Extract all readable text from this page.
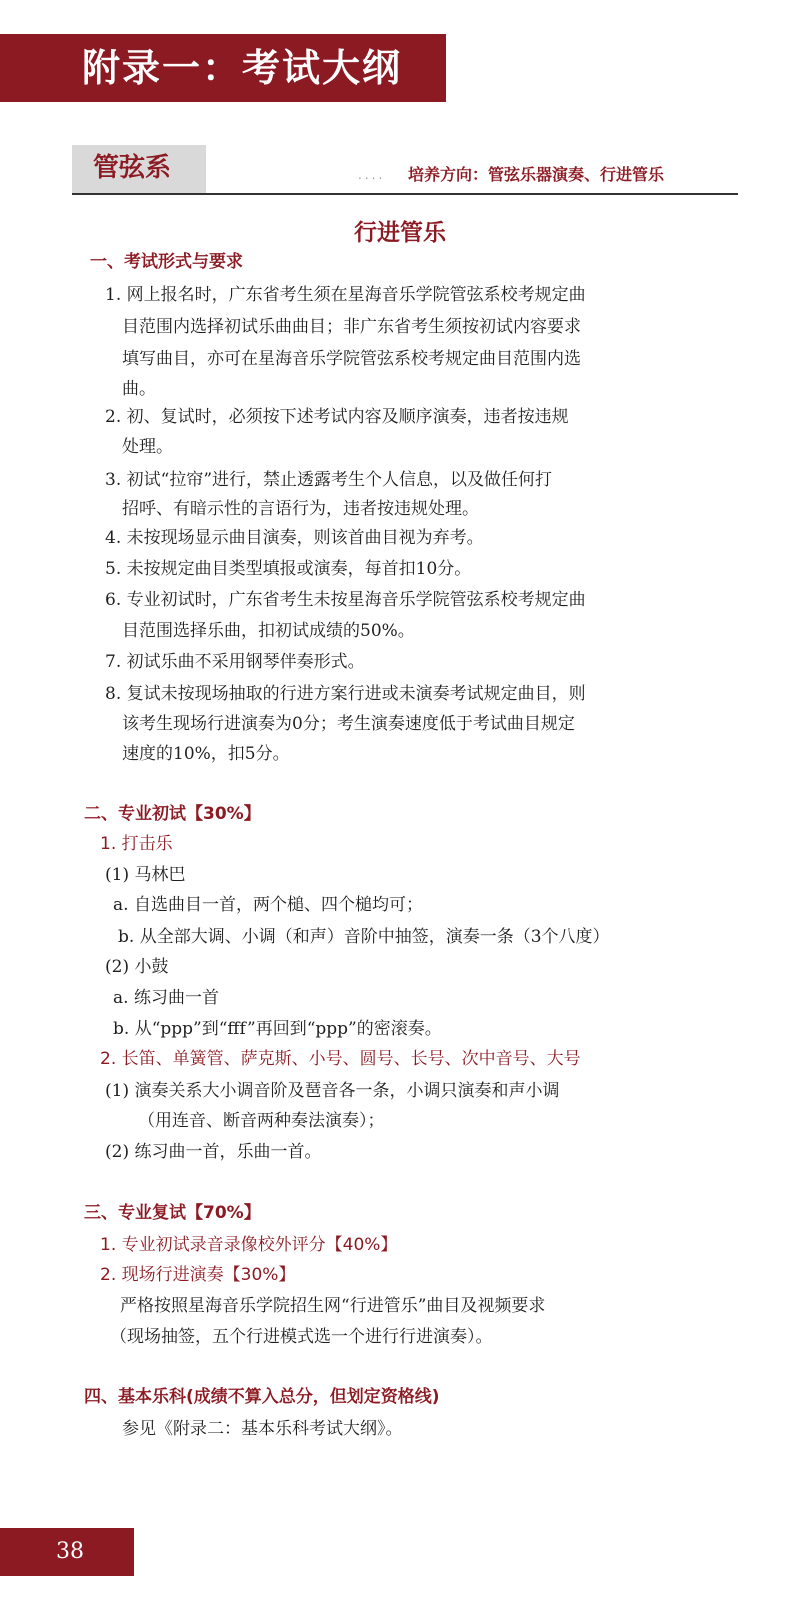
附录一：考试大纲
管弦系	.... 培养方向：管弦乐器演奏、行进管乐
行进管乐
一、考试形式与要求
1. 网上报名时，广东省考生须在星海音乐学院管弦系校考规定曲
目范围内选择初试乐曲曲目；非广东省考生须按初试内容要求
填写曲目，亦可在星海音乐学院管弦系校考规定曲目范围内选
曲。
2. 初、复试时，必须按下述考试内容及顺序演奏，违者按违规
处理。
3. 初试“拉帘”进行，禁止透露考生个人信息，以及做任何打
招呼、有暗示性的言语行为，违者按违规处理。
4. 未按现场显示曲目演奏，则该首曲目视为弃考。
5. 未按规定曲目类型填报或演奏，每首扣10分。
6. 专业初试时，广东省考生未按星海音乐学院管弦系校考规定曲
目范围选择乐曲，扣初试成绩的50%。
7. 初试乐曲不采用钢琴伴奏形式。
8. 复试未按现场抽取的行进方案行进或未演奏考试规定曲目，则
该考生现场行进演奏为0分；考生演奏速度低于考试曲目规定
速度的10%，扣5分。
二、专业初试【30%】
1. 打击乐
(1) 马林巴
a. 自选曲目一首，两个槌、四个槌均可；
b. 从全部大调、小调（和声）音阶中抽签，演奏一条（3个八度）
(2) 小鼓
a. 练习曲一首
b. 从“ppp”到“fff”再回到“ppp”的密滚奏。
2. 长笛、单簧管、萨克斯、小号、圆号、长号、次中音号、大号
(1) 演奏关系大小调音阶及琶音各一条，小调只演奏和声小调
（用连音、断音两种奏法演奏）；
(2) 练习曲一首，乐曲一首。
三、专业复试【70%】
1. 专业初试录音录像校外评分【40%】
2. 现场行进演奏【30%】
严格按照星海音乐学院招生网“行进管乐”曲目及视频要求
（现场抽签，五个行进模式选一个进行行进演奏）。
四、基本乐科(成绩不算入总分，但划定资格线)
参见《附录二：基本乐科考试大纲》。
38
